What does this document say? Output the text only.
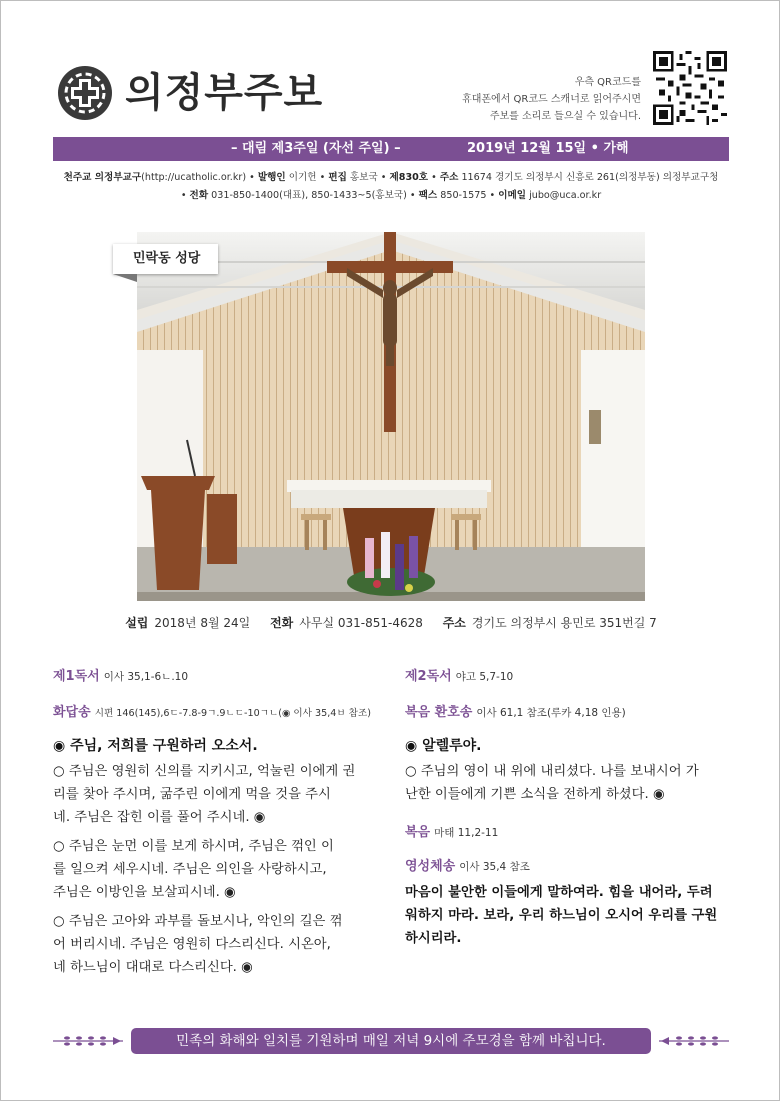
의정부주보	우측 QR코드를
휴대폰에서 QR코드 스캐너로 읽어주시면
주보를 소리로 들으실 수 있습니다.
– 대림 제3주일 (자선 주일) –	2019년 12월 15일 • 가해
천주교 의정부교구(http://ucatholic.or.kr) • 발행인 이기헌 • 편집 홍보국 • 제830호 • 주소 11674 경기도 의정부시 신흥로 261(의정부동) 의정부교구청
• 전화 031-850-1400(대표), 850-1433~5(홍보국) • 팩스 850-1575 • 이메일 jubo@uca.or.kr
민락동 성당
설립 2018년 8월 24일 전화 사무실 031-851-4628 주소 경기도 의정부시 용민로 351번길 7
제1독서 이사 35,1-6ㄴ.10
화답송 시편 146(145),6ㄷ-7.8-9ㄱ.9ㄴㄷ-10ㄱㄴ(◉ 이사 35,4ㅂ 참조)
◉ 주님, 저희를 구원하러 오소서.
○ 주님은 영원히 신의를 지키시고, 억눌린 이에게 권
리를 찾아 주시며, 굶주린 이에게 먹을 것을 주시
네. 주님은 잡힌 이를 풀어 주시네. ◉
○ 주님은 눈먼 이를 보게 하시며, 주님은 꺾인 이
를 일으켜 세우시네. 주님은 의인을 사랑하시고,
주님은 이방인을 보살피시네. ◉
○ 주님은 고아와 과부를 돌보시나, 악인의 길은 꺾
어 버리시네. 주님은 영원히 다스리신다. 시온아,
네 하느님이 대대로 다스리신다. ◉
제2독서 야고 5,7-10
복음 환호송 이사 61,1 참조(루카 4,18 인용)
◉ 알렐루야.
○ 주님의 영이 내 위에 내리셨다. 나를 보내시어 가
난한 이들에게 기쁜 소식을 전하게 하셨다. ◉
복음 마태 11,2-11
영성체송 이사 35,4 참조
마음이 불안한 이들에게 말하여라. 힘을 내어라, 두려
워하지 마라. 보라, 우리 하느님이 오시어 우리를 구원
하시리라.
민족의 화해와 일치를 기원하며 매일 저녁 9시에 주모경을 함께 바칩니다.
